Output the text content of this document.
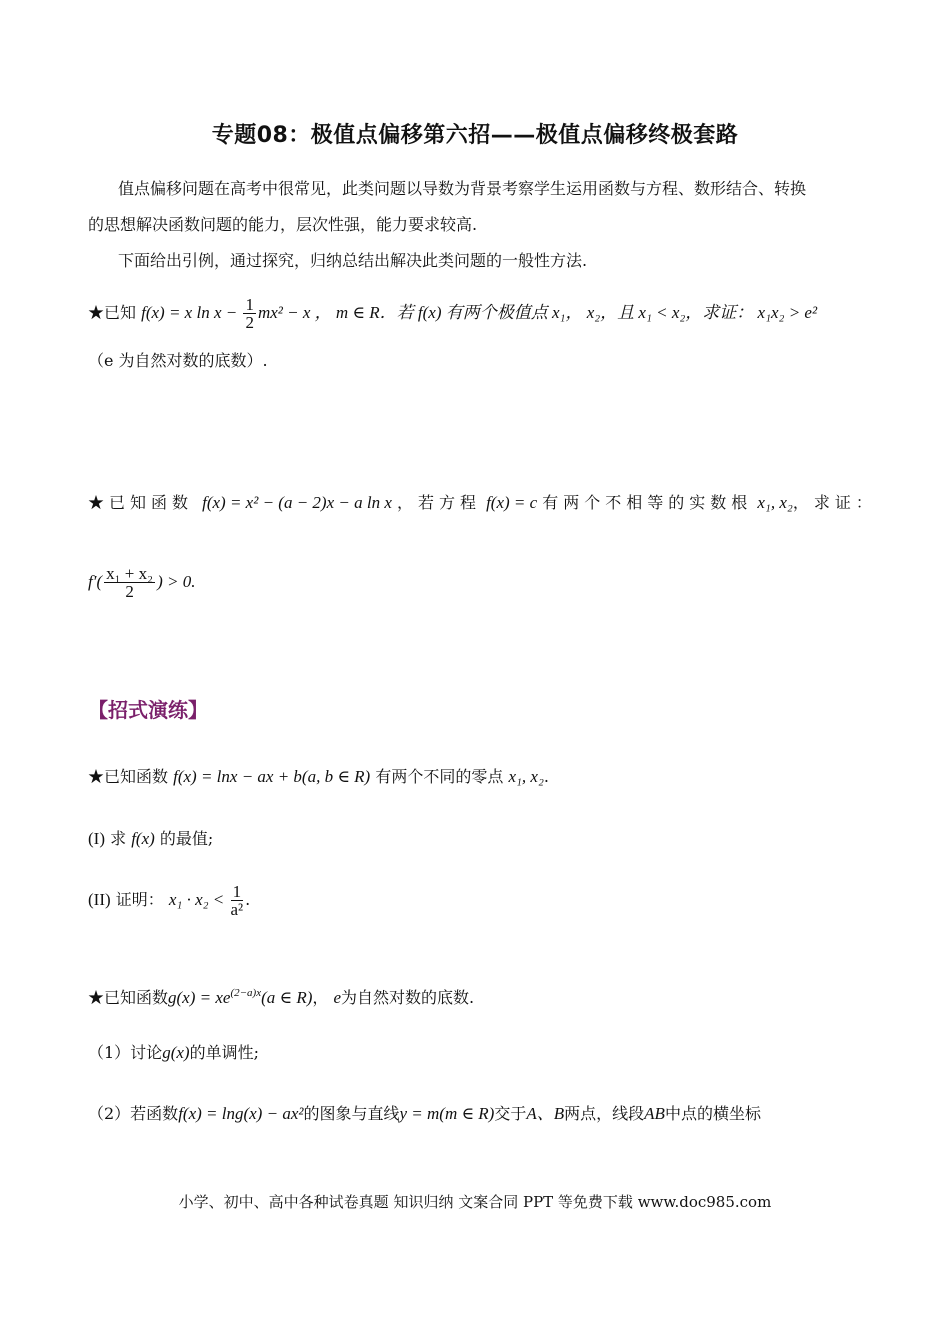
专题08：极值点偏移第六招——极值点偏移终极套路
值点偏移问题在高考中很常见，此类问题以导数为背景考察学生运用函数与方程、数形结合、转换
的思想解决函数问题的能力，层次性强，能力要求较高.
下面给出引例，通过探究，归纳总结出解决此类问题的一般性方法.
★已知 f(x) = x $\ln x - \frac{1}{2} mx^2 - x$ ， m ∈ R．若 f(x) 有两个极值点 x₁， x₂，且 x₁ < x₂，求证： x₁x₂ > e²
（e 为自然对数的底数）.
★已知函数 f(x) = x² − (a − 2)x − a ln x ，若方程 f(x) = c 有两个不相等的实数根 x₁, x₂，求证：
$f'( \frac{\text{x₁ + x₂}}{2}$ ) > 0.
【招式演练】
★已知函数 f(x) = lnx − ax + b(a, b ∈ R) 有两个不同的零点 x₁, x₂.
(I) 求 f(x) 的最值;
(II) 证明： $x_1 \cdot x_2 < \frac{1}{\text{a²}}$ .
★已知函数$g(x) = xe^{(2-a)x}(a$ ∈ R)， e为自然对数的底数.
（1）讨论g(x)的单调性;
（2）若函数f(x) = lng(x) − ax²的图象与直线y = m(m ∈ R)交于A、B两点，线段AB中点的横坐标
小学、初中、高中各种试卷真题 知识归纳 文案合同 PPT 等免费下载 www.doc985.com
